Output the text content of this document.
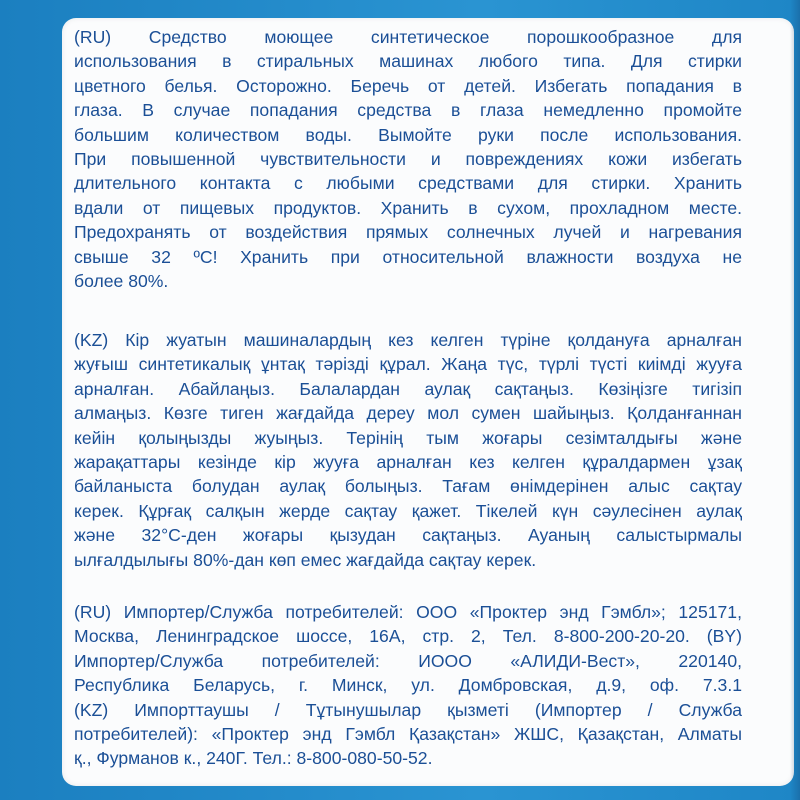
(RU) Средство моющее синтетическое порошкообразное для
использования в стиральных машинах любого типа. Для стирки
цветного белья. Осторожно. Беречь от детей. Избегать попадания в
глаза. В случае попадания средства в глаза немедленно промойте
большим количеством воды. Вымойте руки после использования.
При повышенной чувствительности и повреждениях кожи избегать
длительного контакта с любыми средствами для стирки. Хранить
вдали от пищевых продуктов. Хранить в сухом, прохладном месте.
Предохранять от воздействия прямых солнечных лучей и нагревания
свыше 32 ºС! Хранить при относительной влажности воздуха не
более 80%.
(KZ) Кір жуатын машиналардың кез келген түріне қолдануға арналған
жуғыш синтетикалық ұнтақ тәрізді құрал. Жаңа түс, түрлі түсті киімді жууға
арналған. Абайлаңыз. Балалардан аулақ сақтаңыз. Көзіңізге тигізіп
алмаңыз. Көзге тиген жағдайда дереу мол сумен шайыңыз. Қолданғаннан
кейін қолыңызды жуыңыз. Терінің тым жоғары сезімталдығы және
жарақаттары кезінде кір жууға арналған кез келген құралдармен ұзақ
байланыста болудан аулақ болыңыз. Тағам өнімдерінен алыс сақтау
керек. Құрғақ салқын жерде сақтау қажет. Тікелей күн сәулесінен аулақ
және 32°С-ден жоғары қызудан сақтаңыз. Ауаның салыстырмалы
ылғалдылығы 80%-дан көп емес жағдайда сақтау керек.
(RU) Импортер/Служба потребителей: ООО «Проктер энд Гэмбл»; 125171,
Москва, Ленинградское шоссе, 16А, стр. 2, Тел. 8-800-200-20-20. (BY)
Импортер/Служба потребителей: ИООО «АЛИДИ-Вест», 220140,
Республика Беларусь, г. Минск, ул. Домбровская, д.9, оф. 7.3.1
(KZ) Импорттаушы / Тұтынушылар қызметі (Импортер / Служба
потребителей): «Проктер энд Гэмбл Қазақстан» ЖШС, Қазақстан, Алматы
қ., Фурманов к., 240Г. Тел.: 8-800-080-50-52.
